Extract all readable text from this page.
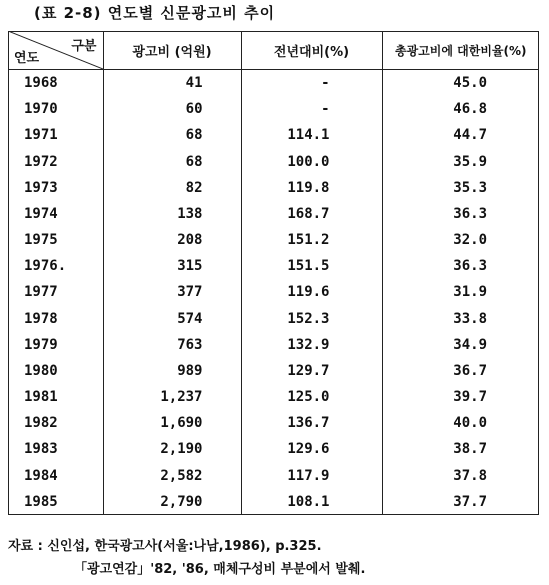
(표 2-8) 연도별 신문광고비 추이
구분
연도	광고비 (억원)	전년대비(%)	총광고비에 대한비율(%)
1968	41	-	45.0
1970	60	-	46.8
1971	68	114.1	44.7
1972	68	100.0	35.9
1973	82	119.8	35.3
1974	138	168.7	36.3
1975	208	151.2	32.0
1976.	315	151.5	36.3
1977	377	119.6	31.9
1978	574	152.3	33.8
1979	763	132.9	34.9
1980	989	129.7	36.7
1981	1,237	125.0	39.7
1982	1,690	136.7	40.0
1983	2,190	129.6	38.7
1984	2,582	117.9	37.8
1985	2,790	108.1	37.7
자료 : 신인섭, 한국광고사(서울:나남,1986), p.325.
「광고연감」'82, '86, 매체구성비 부분에서 발췌.
